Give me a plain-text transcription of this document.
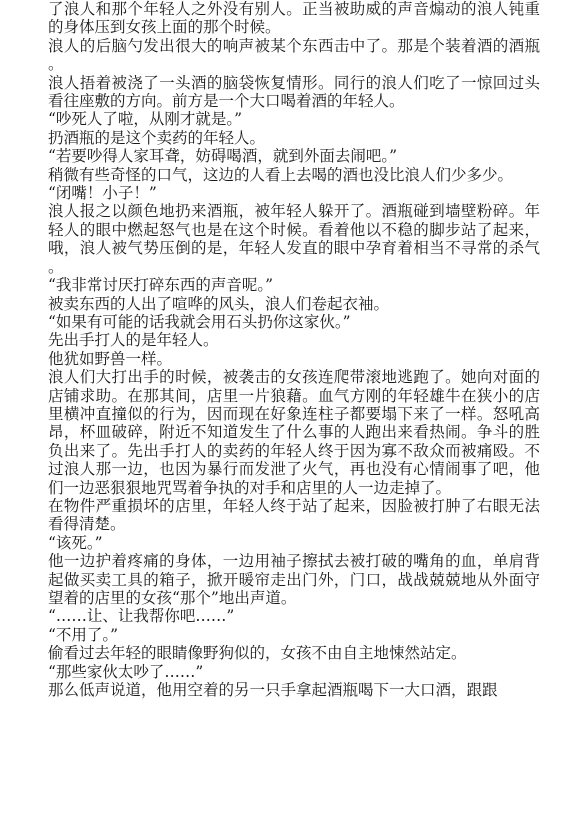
了浪人和那个年轻人之外没有别人。正当被助威的声音煽动的浪人钝重的身体压到女孩上面的那个时候。

浪人的后脑勺发出很大的响声被某个东西击中了。那是个装着酒的酒瓶。

浪人捂着被浇了一头酒的脑袋恢复情形。同行的浪人们吃了一惊回过头看往座敷的方向。前方是一个大口喝着酒的年轻人。

“吵死人了啦，从刚才就是。”

扔酒瓶的是这个卖药的年轻人。

“若要吵得人家耳聋，妨碍喝酒，就到外面去闹吧。”

稍微有些奇怪的口气，这边的人看上去喝的酒也没比浪人们少多少。

“闭嘴！小子！”

浪人报之以颜色地扔来酒瓶，被年轻人躲开了。酒瓶碰到墙壁粉碎。年轻人的眼中燃起怒气也是在这个时候。看着他以不稳的脚步站了起来，哦，浪人被气势压倒的是，年轻人发直的眼中孕育着相当不寻常的杀气。

“我非常讨厌打碎东西的声音呢。”

被卖东西的人出了喧哗的风头，浪人们卷起衣袖。

“如果有可能的话我就会用石头扔你这家伙。”

先出手打人的是年轻人。

他犹如野兽一样。

浪人们大打出手的时候，被袭击的女孩连爬带滚地逃跑了。她向对面的店铺求助。在那其间，店里一片狼藉。血气方刚的年轻雄牛在狭小的店里横冲直撞似的行为，因而现在好象连柱子都要塌下来了一样。怒吼高昂，杯皿破碎，附近不知道发生了什么事的人跑出来看热闹。争斗的胜负出来了。先出手打人的卖药的年轻人终于因为寡不敌众而被痛殴。不过浪人那一边，也因为暴行而发泄了火气，再也没有心情闹事了吧，他们一边恶狠狠地咒骂着争执的对手和店里的人一边走掉了。

在物件严重损坏的店里，年轻人终于站了起来，因脸被打肿了右眼无法看得清楚。

“该死。”

他一边护着疼痛的身体，一边用袖子擦拭去被打破的嘴角的血，单肩背起做买卖工具的箱子，掀开暖帘走出门外，门口，战战兢兢地从外面守望着的店里的女孩“那个”地出声道。

“……让、让我帮你吧……”

“不用了。”

偷看过去年轻的眼睛像野狗似的，女孩不由自主地悚然站定。

“那些家伙太吵了……”

那么低声说道，他用空着的另一只手拿起酒瓶喝下一大口酒，跟跟
